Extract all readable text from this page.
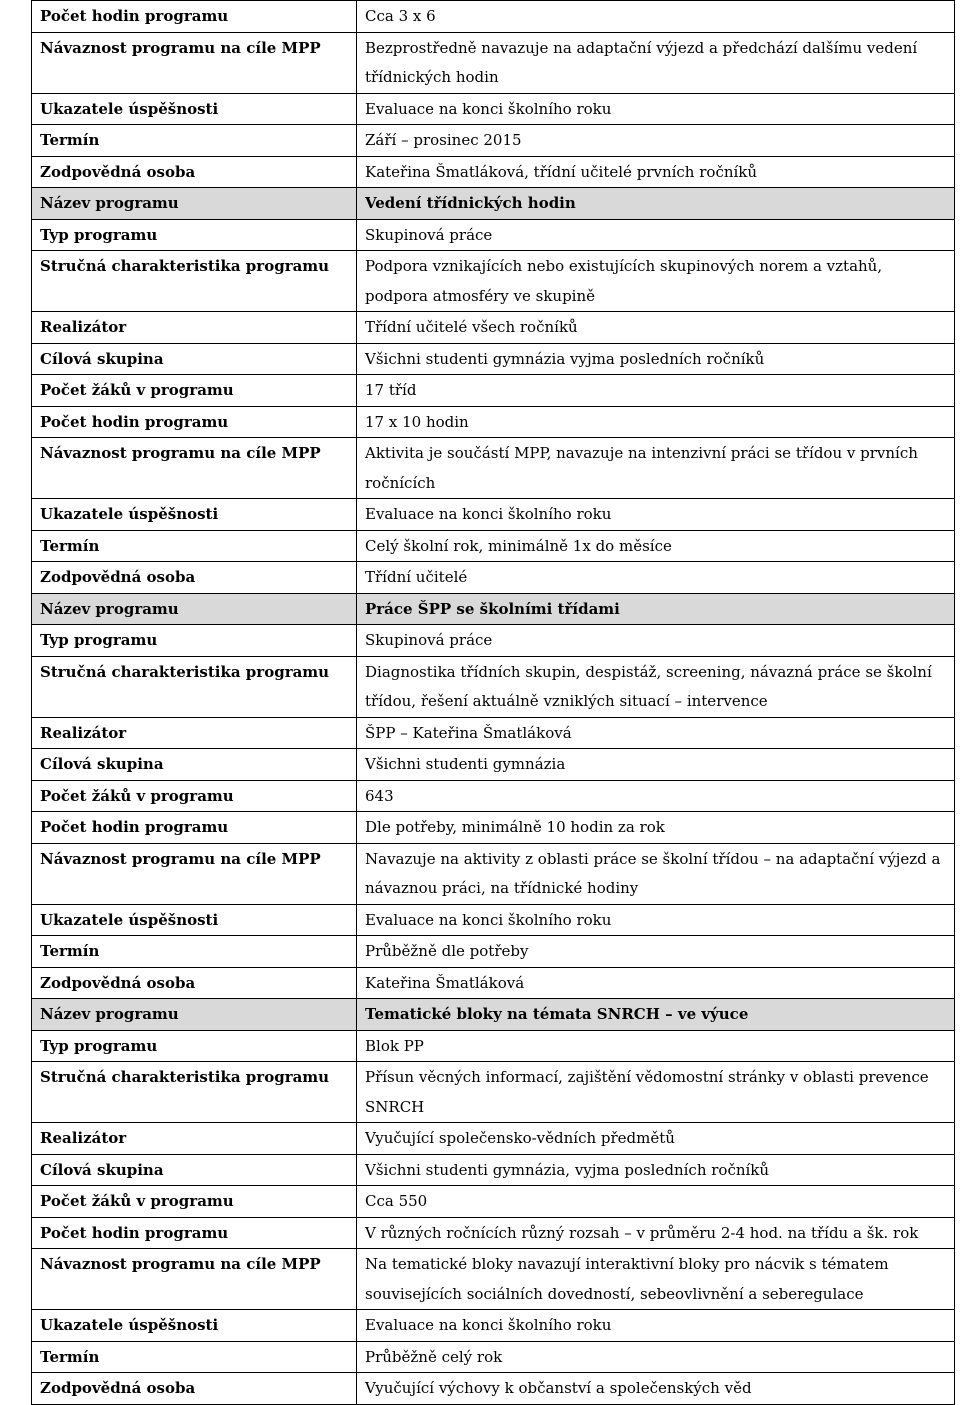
Počet hodin programu	Cca 3 x 6
Návaznost programu na cíle MPP	Bezprostředně navazuje na adaptační výjezd a předchází dalšímu vedení třídnických hodin
Ukazatele úspěšnosti	Evaluace na konci školního roku
Termín	Září – prosinec 2015
Zodpovědná osoba	Kateřina Šmatláková, třídní učitelé prvních ročníků
Název programu	Vedení třídnických hodin
Typ programu	Skupinová práce
Stručná charakteristika programu	Podpora vznikajících nebo existujících skupinových norem a vztahů, podpora atmosféry ve skupině
Realizátor	Třídní učitelé všech ročníků
Cílová skupina	Všichni studenti gymnázia vyjma posledních ročníků
Počet žáků v programu	17 tříd
Počet hodin programu	17 x 10 hodin
Návaznost programu na cíle MPP	Aktivita je součástí MPP, navazuje na intenzivní práci se třídou v prvních ročnících
Ukazatele úspěšnosti	Evaluace na konci školního roku
Termín	Celý školní rok, minimálně 1x do měsíce
Zodpovědná osoba	Třídní učitelé
Název programu	Práce ŠPP se školními třídami
Typ programu	Skupinová práce
Stručná charakteristika programu	Diagnostika třídních skupin, despistáž, screening, návazná práce se školní třídou, řešení aktuálně vzniklých situací – intervence
Realizátor	ŠPP – Kateřina Šmatláková
Cílová skupina	Všichni studenti gymnázia
Počet žáků v programu	643
Počet hodin programu	Dle potřeby, minimálně 10 hodin za rok
Návaznost programu na cíle MPP	Navazuje na aktivity z oblasti práce se školní třídou – na adaptační výjezd a návaznou práci, na třídnické hodiny
Ukazatele úspěšnosti	Evaluace na konci školního roku
Termín	Průběžně dle potřeby
Zodpovědná osoba	Kateřina Šmatláková
Název programu	Tematické bloky na témata SNRCH – ve výuce
Typ programu	Blok PP
Stručná charakteristika programu	Přísun věcných informací, zajištění vědomostní stránky v oblasti prevence SNRCH
Realizátor	Vyučující společensko-vědních předmětů
Cílová skupina	Všichni studenti gymnázia, vyjma posledních ročníků
Počet žáků v programu	Cca 550
Počet hodin programu	V různých ročnících různý rozsah – v průměru 2-4 hod. na třídu a šk. rok
Návaznost programu na cíle MPP	Na tematické bloky navazují interaktivní bloky pro nácvik s tématem souvisejících sociálních dovedností, sebeovlivnění a seberegulace
Ukazatele úspěšnosti	Evaluace na konci školního roku
Termín	Průběžně celý rok
Zodpovědná osoba	Vyučující výchovy k občanství a společenských věd
